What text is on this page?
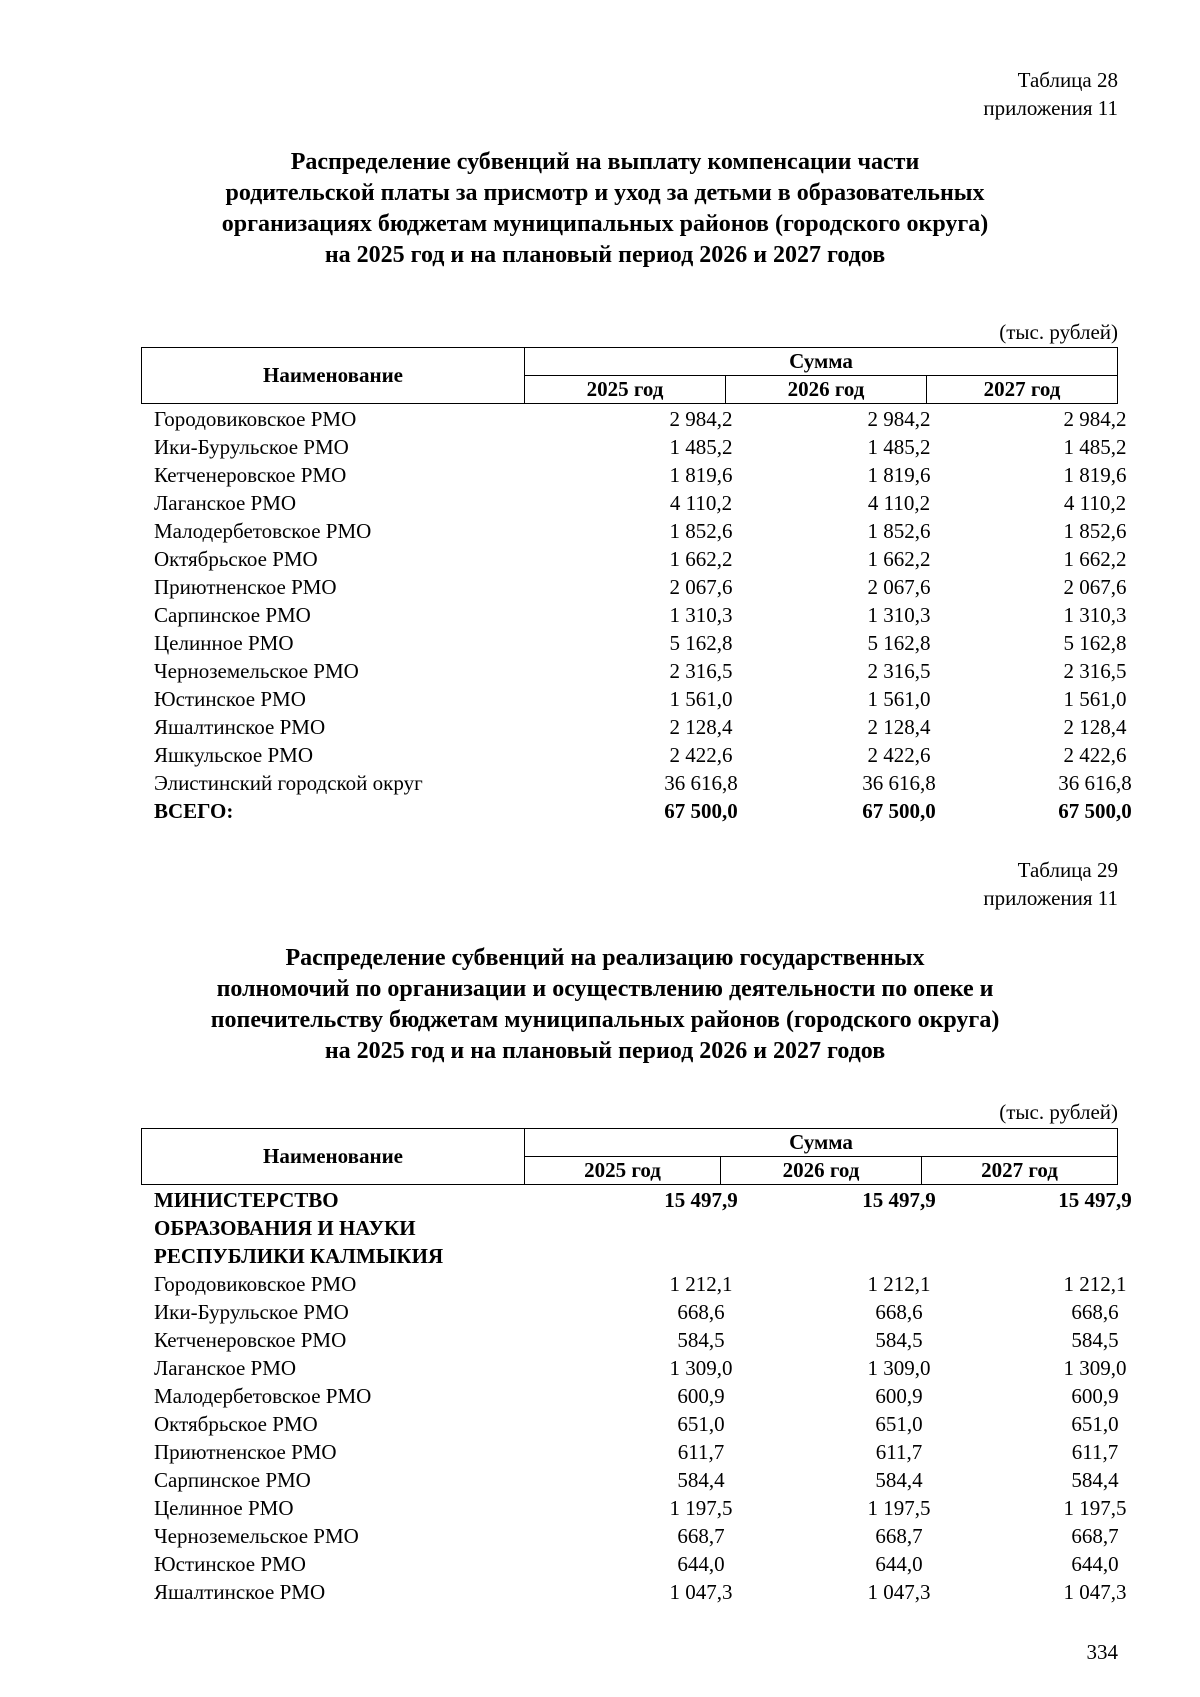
Таблица 28
приложения 11
Распределение субвенций на выплату компенсации части
родительской платы за присмотр и уход за детьми в образовательных
организациях бюджетам муниципальных районов (городского округа)
на 2025 год и на плановый период 2026 и 2027 годов
(тыс. рублей)
Наименование	Сумма		
	2025 год	2026 год	2027 год
Городовиковское РМО	2 984,2	2 984,2	2 984,2
Ики-Бурульское РМО	1 485,2	1 485,2	1 485,2
Кетченеровское РМО	1 819,6	1 819,6	1 819,6
Лаганское РМО	4 110,2	4 110,2	4 110,2
Малодербетовское РМО	1 852,6	1 852,6	1 852,6
Октябрьское РМО	1 662,2	1 662,2	1 662,2
Приютненское РМО	2 067,6	2 067,6	2 067,6
Сарпинское РМО	1 310,3	1 310,3	1 310,3
Целинное РМО	5 162,8	5 162,8	5 162,8
Черноземельское РМО	2 316,5	2 316,5	2 316,5
Юстинское РМО	1 561,0	1 561,0	1 561,0
Яшалтинское РМО	2 128,4	2 128,4	2 128,4
Яшкульское РМО	2 422,6	2 422,6	2 422,6
Элистинский городской округ	36 616,8	36 616,8	36 616,8
ВСЕГО:	67 500,0	67 500,0	67 500,0
Таблица 29
приложения 11
Распределение субвенций на реализацию государственных
полномочий по организации и осуществлению деятельности по опеке и
попечительству бюджетам муниципальных районов (городского округа)
на 2025 год и на плановый период 2026 и 2027 годов
(тыс. рублей)
Наименование	Сумма		
	2025 год	2026 год	2027 год
МИНИСТЕРСТВО
ОБРАЗОВАНИЯ И НАУКИ
РЕСПУБЛИКИ КАЛМЫКИЯ
15 497,9	15 497,9	15 497,9
Городовиковское РМО	1 212,1	1 212,1	1 212,1
Ики-Бурульское РМО	668,6	668,6	668,6
Кетченеровское РМО	584,5	584,5	584,5
Лаганское РМО	1 309,0	1 309,0	1 309,0
Малодербетовское РМО	600,9	600,9	600,9
Октябрьское РМО	651,0	651,0	651,0
Приютненское РМО	611,7	611,7	611,7
Сарпинское РМО	584,4	584,4	584,4
Целинное РМО	1 197,5	1 197,5	1 197,5
Черноземельское РМО	668,7	668,7	668,7
Юстинское РМО	644,0	644,0	644,0
Яшалтинское РМО	1 047,3	1 047,3	1 047,3
334
